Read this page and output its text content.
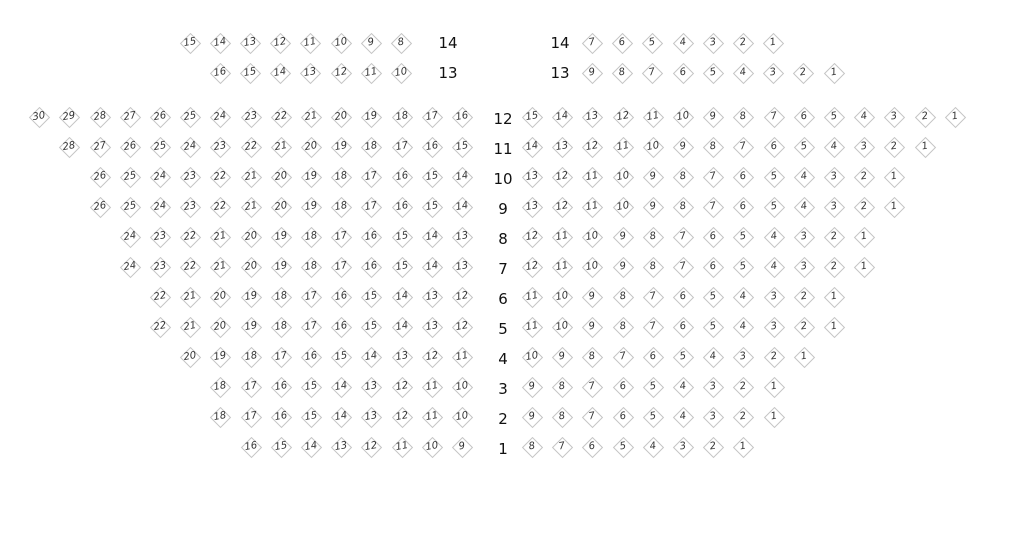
15	14	13	12	11	10	9	8	7	6	5	4	3	2	1
14	14
16	15	14	13	12	11	10	9	8	7	6	5	4	3	2	1
13	13
30	29	28	27	26	25	24	23	22	21	20	19	18	17	16	15	14	13	12	11	10	9	8	7	6	5	4	3	2	1
12
28	27	26	25	24	23	22	21	20	19	18	17	16	15	14	13	12	11	10	9	8	7	6	5	4	3	2	1
11
26	25	24	23	22	21	20	19	18	17	16	15	14	13	12	11	10	9	8	7	6	5	4	3	2	1
10
26	25	24	23	22	21	20	19	18	17	16	15	14	13	12	11	10	9	8	7	6	5	4	3	2	1
9
24	23	22	21	20	19	18	17	16	15	14	13	12	11	10	9	8	7	6	5	4	3	2	1
8
24	23	22	21	20	19	18	17	16	15	14	13	12	11	10	9	8	7	6	5	4	3	2	1
7
22	21	20	19	18	17	16	15	14	13	12	11	10	9	8	7	6	5	4	3	2	1
6
22	21	20	19	18	17	16	15	14	13	12	11	10	9	8	7	6	5	4	3	2	1
5
20	19	18	17	16	15	14	13	12	11	10	9	8	7	6	5	4	3	2	1
4
18	17	16	15	14	13	12	11	10	9	8	7	6	5	4	3	2	1
3
18	17	16	15	14	13	12	11	10	9	8	7	6	5	4	3	2	1
2
16	15	14	13	12	11	10	9	8	7	6	5	4	3	2	1
1
